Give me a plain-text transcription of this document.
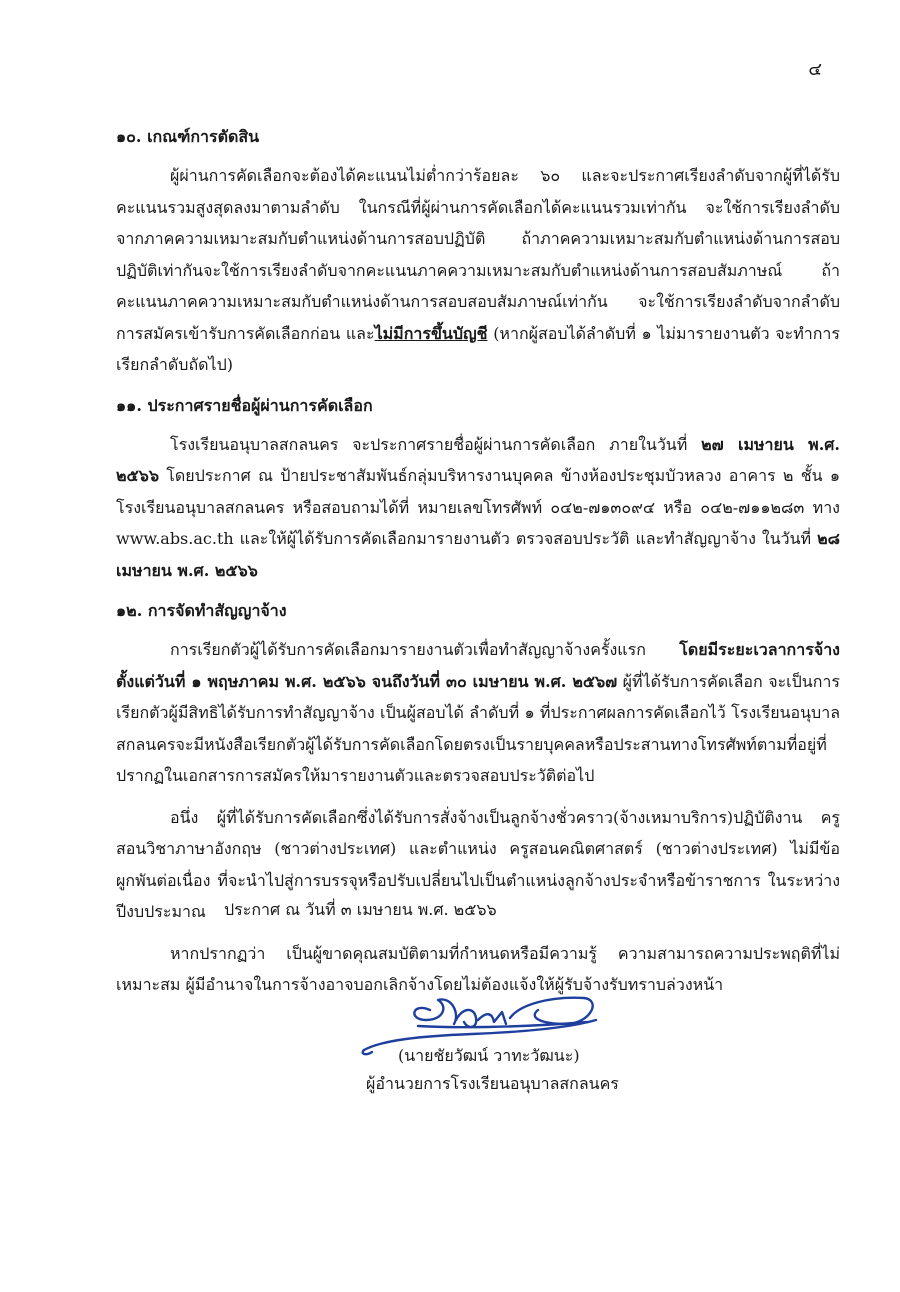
๔
๑๐. เกณฑ์การตัดสิน

ผู้ผ่านการคัดเลือกจะต้องได้คะแนนไม่ต่ำกว่าร้อยละ ๖๐ และจะประกาศเรียงลำดับจากผู้ที่ได้รับคะแนนรวมสูงสุดลงมาตามลำดับ ในกรณีที่ผู้ผ่านการคัดเลือกได้คะแนนรวมเท่ากัน จะใช้การเรียงลำดับจากภาคความเหมาะสมกับตำแหน่งด้านการสอบปฏิบัติ ถ้าภาคความเหมาะสมกับตำแหน่งด้านการสอบปฏิบัติเท่ากันจะใช้การเรียงลำดับจากคะแนนภาคความเหมาะสมกับตำแหน่งด้านการสอบสัมภาษณ์ ถ้าคะแนนภาคความเหมาะสมกับตำแหน่งด้านการสอบสอบสัมภาษณ์เท่ากัน จะใช้การเรียงลำดับจากลำดับการสมัครเข้ารับการคัดเลือกก่อน และไม่มีการขึ้นบัญชี (หากผู้สอบได้ลำดับที่ ๑ ไม่มารายงานตัว จะทำการเรียกลำดับถัดไป)

๑๑. ประกาศรายชื่อผู้ผ่านการคัดเลือก

โรงเรียนอนุบาลสกลนคร จะประกาศรายชื่อผู้ผ่านการคัดเลือก ภายในวันที่ ๒๗ เมษายน พ.ศ. ๒๕๖๖ โดยประกาศ ณ ป้ายประชาสัมพันธ์กลุ่มบริหารงานบุคคล ข้างห้องประชุมบัวหลวง อาคาร ๒ ชั้น ๑ โรงเรียนอนุบาลสกลนคร หรือสอบถามได้ที่ หมายเลขโทรศัพท์ ๐๔๒-๗๑๓๐๙๔ หรือ ๐๔๒-๗๑๑๒๘๓ ทาง www.abs.ac.th และให้ผู้ได้รับการคัดเลือกมารายงานตัว ตรวจสอบประวัติ และทำสัญญาจ้าง ในวันที่ ๒๘ เมษายน พ.ศ. ๒๕๖๖

๑๒. การจัดทำสัญญาจ้าง

การเรียกตัวผู้ได้รับการคัดเลือกมารายงานตัวเพื่อทำสัญญาจ้างครั้งแรก โดยมีระยะเวลาการจ้างตั้งแต่วันที่ ๑ พฤษภาคม พ.ศ. ๒๕๖๖ จนถึงวันที่ ๓๐ เมษายน พ.ศ. ๒๕๖๗ ผู้ที่ได้รับการคัดเลือก จะเป็นการเรียกตัวผู้มีสิทธิได้รับการทำสัญญาจ้าง เป็นผู้สอบได้ ลำดับที่ ๑ ที่ประกาศผลการคัดเลือกไว้ โรงเรียนอนุบาลสกลนครจะมีหนังสือเรียกตัวผู้ได้รับการคัดเลือกโดยตรงเป็นรายบุคคลหรือประสานทางโทรศัพท์ตามที่อยู่ที่ปรากฏในเอกสารการสมัครให้มารายงานตัวและตรวจสอบประวัติต่อไป

อนึ่ง ผู้ที่ได้รับการคัดเลือกซึ่งได้รับการสั่งจ้างเป็นลูกจ้างชั่วคราว(จ้างเหมาบริการ)ปฏิบัติงาน ครูสอนวิชาภาษาอังกฤษ (ชาวต่างประเทศ) และตำแหน่ง ครูสอนคณิตศาสตร์ (ชาวต่างประเทศ) ไม่มีข้อผูกพันต่อเนื่อง ที่จะนำไปสู่การบรรจุหรือปรับเปลี่ยนไปเป็นตำแหน่งลูกจ้างประจำหรือข้าราชการ ในระหว่างปีงบประมาณ

หากปรากฏว่า เป็นผู้ขาดคุณสมบัติตามที่กำหนดหรือมีความรู้ ความสามารถความประพฤติที่ไม่เหมาะสม ผู้มีอำนาจในการจ้างอาจบอกเลิกจ้างโดยไม่ต้องแจ้งให้ผู้รับจ้างรับทราบล่วงหน้า

ประกาศ ณ วันที่ ๓ เมษายน พ.ศ. ๒๕๖๖
(นายชัยวัฒน์ วาทะวัฒนะ)
ผู้อำนวยการโรงเรียนอนุบาลสกลนคร
